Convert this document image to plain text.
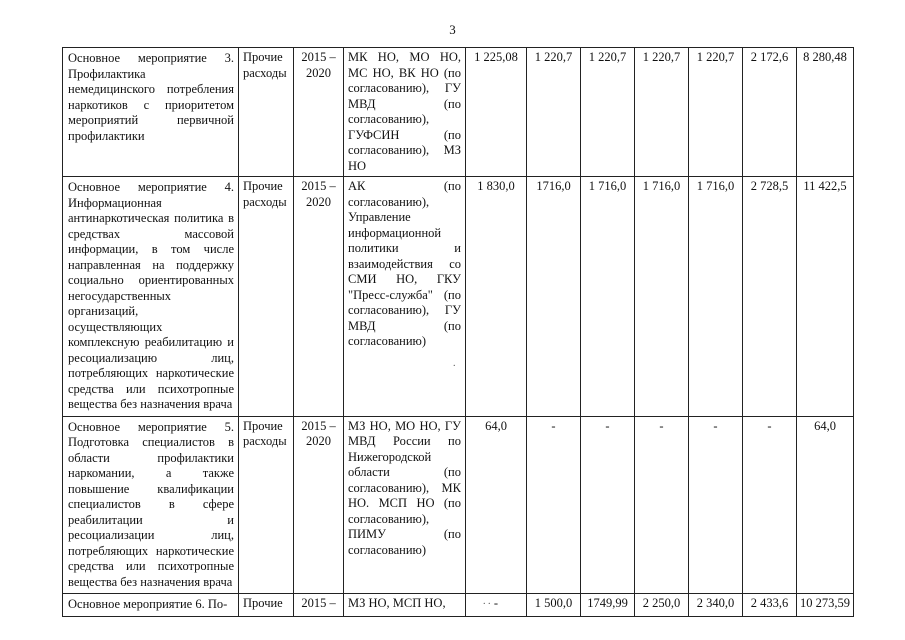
3
Основное мероприятие 3. Профилактика немедицинского потребления наркотиков с приоритетом мероприятий первичной профилактики	Прочие расходы	2015 – 2020	МК НО, МО НО, МС НО, ВК НО (по согласованию), ГУ МВД (по согласованию), ГУФСИН (по согласованию), МЗ НО	1 225,08	1 220,7	1 220,7	1 220,7	1 220,7	2 172,6	8 280,48
Основное мероприятие 4. Информационная антинаркотическая политика в средствах массовой информации, в том числе направленная на поддержку социально ориентированных негосударственных организаций, осуществляющих комплексную реабилитацию и ресоциализацию лиц, потребляющих наркотические средства или психотропные вещества без назначения врача	Прочие расходы	2015 – 2020	АК (по согласованию), Управление информационной политики и взаимодействия со СМИ НО, ГКУ "Пресс-служба" (по согласованию), ГУ МВД (по согласованию)	1 830,0	1716,0	1 716,0	1 716,0	1 716,0	2 728,5	11 422,5
Основное мероприятие 5. Подготовка специалистов в области профилактики наркомании, а также повышение квалификации специалистов в сфере реабилитации и ресоциализации лиц, потребляющих наркотические средства или психотропные вещества без назначения врача	Прочие расходы	2015 – 2020	МЗ НО, МО НО, ГУ МВД России по Нижегородской области (по согласованию), МК НО. МСП НО (по согласованию), ПИМУ (по согласованию)	64,0	-	-	-	-	-	64,0
Основное мероприятие 6. По-	Прочие	2015 –	МЗ НО, МСП НО,	-	1 500,0	1749,99	2 250,0	2 340,0	2 433,6	10 273,59
.
. .
